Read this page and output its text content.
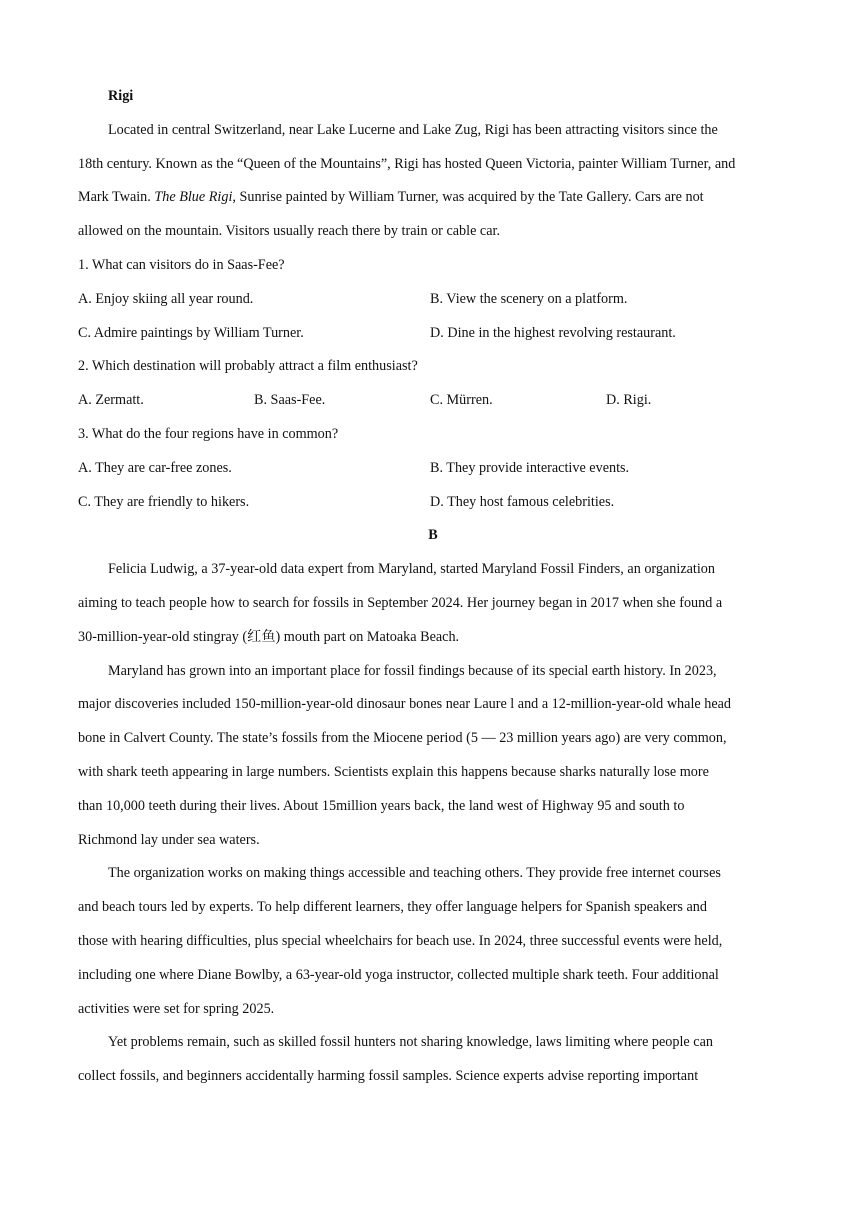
Rigi
Located in central Switzerland, near Lake Lucerne and Lake Zug, Rigi has been attracting visitors since the
18th century. Known as the “Queen of the Mountains”, Rigi has hosted Queen Victoria, painter William Turner, and
Mark Twain. The Blue Rigi, Sunrise painted by William Turner, was acquired by the Tate Gallery. Cars are not
allowed on the mountain. Visitors usually reach there by train or cable car.
1. What can visitors do in Saas-Fee?
A. Enjoy skiing all year round.	B. View the scenery on a platform.
C. Admire paintings by William Turner.	D. Dine in the highest revolving restaurant.
2. Which destination will probably attract a film enthusiast?
A. Zermatt.	B. Saas-Fee.	C. Mürren.	D. Rigi.
3. What do the four regions have in common?
A. They are car-free zones.	B. They provide interactive events.
C. They are friendly to hikers.	D. They host famous celebrities.
B
Felicia Ludwig, a 37-year-old data expert from Maryland, started Maryland Fossil Finders, an organization
aiming to teach people how to search for fossils in September 2024. Her journey began in 2017 when she found a
30-million-year-old stingray (红鱼) mouth part on Matoaka Beach.
Maryland has grown into an important place for fossil findings because of its special earth history. In 2023,
major discoveries included 150-million-year-old dinosaur bones near Laure l and a 12-million-year-old whale head
bone in Calvert County. The state’s fossils from the Miocene period (5 — 23 million years ago) are very common,
with shark teeth appearing in large numbers. Scientists explain this happens because sharks naturally lose more
than 10,000 teeth during their lives. About 15million years back, the land west of Highway 95 and south to
Richmond lay under sea waters.
The organization works on making things accessible and teaching others. They provide free internet courses
and beach tours led by experts. To help different learners, they offer language helpers for Spanish speakers and
those with hearing difficulties, plus special wheelchairs for beach use. In 2024, three successful events were held,
including one where Diane Bowlby, a 63-year-old yoga instructor, collected multiple shark teeth. Four additional
activities were set for spring 2025.
Yet problems remain, such as skilled fossil hunters not sharing knowledge, laws limiting where people can
collect fossils, and beginners accidentally harming fossil samples. Science experts advise reporting important
